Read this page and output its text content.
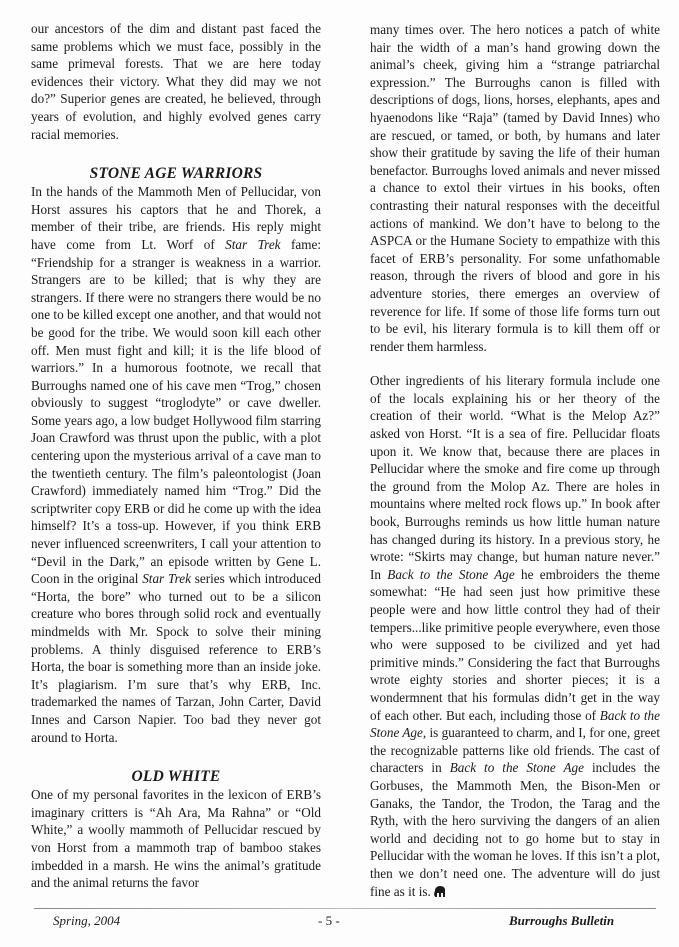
our ancestors of the dim and distant past faced the same problems which we must face, possibly in the same primeval forests. That we are here today evidences their victory. What they did may we not do?” Superior genes are created, he believed, through years of evolution, and highly evolved genes carry racial memories.

STONE AGE WARRIORS

In the hands of the Mammoth Men of Pellucidar, von Horst assures his captors that he and Thorek, a member of their tribe, are friends. His reply might have come from Lt. Worf of Star Trek fame: “Friendship for a stranger is weakness in a warrior. Strangers are to be killed; that is why they are strangers. If there were no strangers there would be no one to be killed except one another, and that would not be good for the tribe. We would soon kill each other off. Men must fight and kill; it is the life blood of warriors.” In a humorous footnote, we recall that Burroughs named one of his cave men “Trog,” chosen obviously to suggest “troglodyte” or cave dweller. Some years ago, a low budget Hollywood film starring Joan Crawford was thrust upon the public, with a plot centering upon the mysterious arrival of a cave man to the twentieth century. The film’s paleontologist (Joan Crawford) immediately named him “Trog.” Did the scriptwriter copy ERB or did he come up with the idea himself? It’s a toss-up. However, if you think ERB never influenced screenwriters, I call your attention to “Devil in the Dark,” an episode written by Gene L. Coon in the original Star Trek series which introduced “Horta, the bore” who turned out to be a silicon creature who bores through solid rock and eventually mindmelds with Mr. Spock to solve their mining problems. A thinly disguised reference to ERB’s Horta, the boar is something more than an inside joke. It’s plagiarism. I’m sure that’s why ERB, Inc. trademarked the names of Tarzan, John Carter, David Innes and Carson Napier. Too bad they never got around to Horta.

OLD WHITE

One of my personal favorites in the lexicon of ERB’s imaginary critters is “Ah Ara, Ma Rahna” or “Old White,” a woolly mammoth of Pellucidar rescued by von Horst from a mammoth trap of bamboo stakes imbedded in a marsh. He wins the animal’s gratitude and the animal returns the favor

many times over. The hero notices a patch of white hair the width of a man’s hand growing down the animal’s cheek, giving him a “strange patriarchal expression.” The Burroughs canon is filled with descriptions of dogs, lions, horses, elephants, apes and hyaenodons like “Raja” (tamed by David Innes) who are rescued, or tamed, or both, by humans and later show their gratitude by saving the life of their human benefactor. Burroughs loved animals and never missed a chance to extol their virtues in his books, often contrasting their natural responses with the deceitful actions of mankind. We don’t have to belong to the ASPCA or the Humane Society to empathize with this facet of ERB’s personality. For some unfathomable reason, through the rivers of blood and gore in his adventure stories, there emerges an overview of reverence for life. If some of those life forms turn out to be evil, his literary formula is to kill them off or render them harmless.

Other ingredients of his literary formula include one of the locals explaining his or her theory of the creation of their world. “What is the Melop Az?” asked von Horst. “It is a sea of fire. Pellucidar floats upon it. We know that, because there are places in Pellucidar where the smoke and fire come up through the ground from the Molop Az. There are holes in mountains where melted rock flows up.” In book after book, Burroughs reminds us how little human nature has changed during its history. In a previous story, he wrote: “Skirts may change, but human nature never.” In Back to the Stone Age he embroiders the theme somewhat: “He had seen just how primitive these people were and how little control they had of their tempers...like primitive people everywhere, even those who were supposed to be civilized and yet had primitive minds.” Considering the fact that Burroughs wrote eighty stories and shorter pieces; it is a wondermnent that his formulas didn’t get in the way of each other. But each, including those of Back to the Stone Age, is guaranteed to charm, and I, for one, greet the recognizable patterns like old friends. The cast of characters in Back to the Stone Age includes the Gorbuses, the Mammoth Men, the Bison-Men or Ganaks, the Tandor, the Trodon, the Tarag and the Ryth, with the hero surviving the dangers of an alien world and deciding not to go home but to stay in Pellucidar with the woman he loves. If this isn’t a plot, then we don’t need one. The adventure will do just fine as it is.

Spring, 2004	- 5 -	Burroughs Bulletin
